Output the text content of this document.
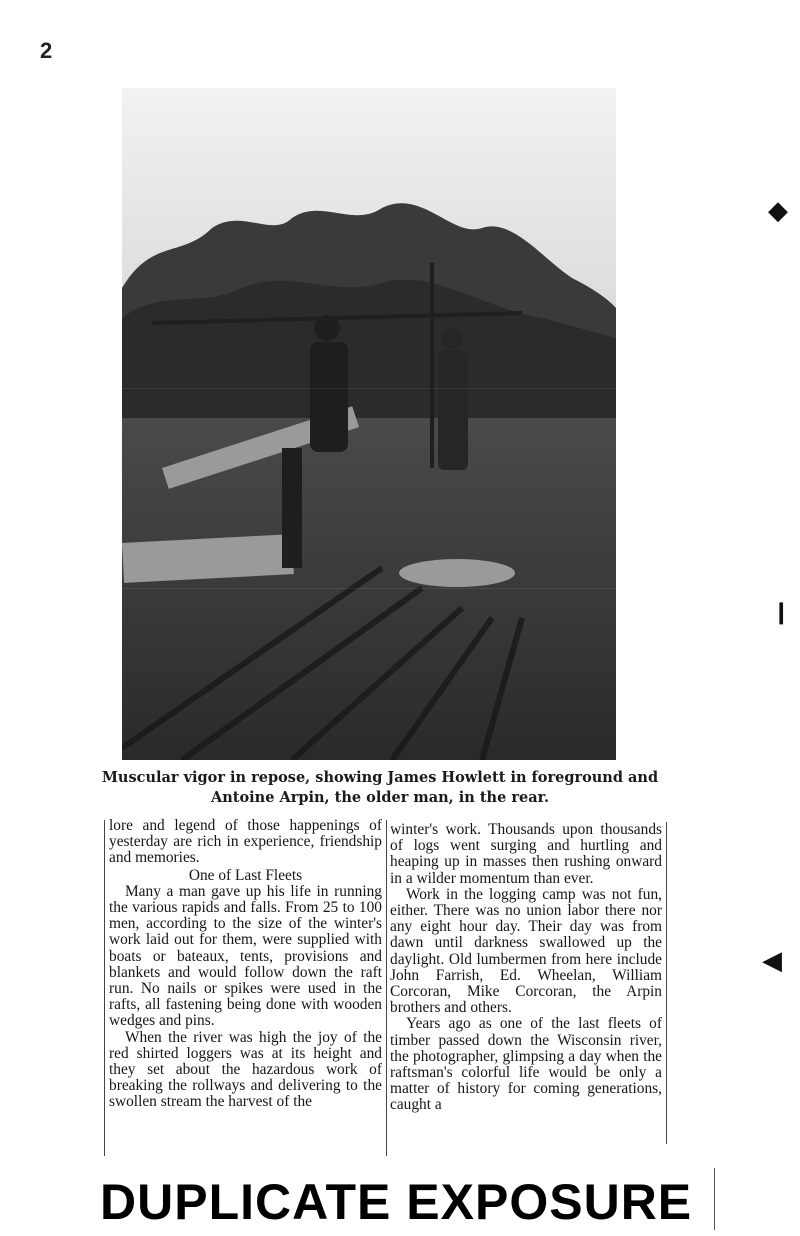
2
◆
❙
◀
Muscular vigor in repose, showing James Howlett in foreground and
Antoine Arpin, the older man, in the rear.

lore and legend of those happenings of yesterday are rich in experience, friendship and memories.

One of Last Fleets

Many a man gave up his life in running the various rapids and falls. From 25 to 100 men, according to the size of the winter's work laid out for them, were supplied with boats or bateaux, tents, provisions and blankets and would follow down the raft run. No nails or spikes were used in the rafts, all fastening being done with wooden wedges and pins.

When the river was high the joy of the red shirted loggers was at its height and they set about the hazardous work of breaking the rollways and delivering to the swollen stream the harvest of the

winter's work. Thousands upon thousands of logs went surging and hurtling and heaping up in masses then rushing onward in a wilder momentum than ever.

Work in the logging camp was not fun, either. There was no union labor there nor any eight hour day. Their day was from dawn until darkness swallowed up the daylight. Old lumbermen from here include John Farrish, Ed. Wheelan, William Corcoran, Mike Corcoran, the Arpin brothers and others.

Years ago as one of the last fleets of timber passed down the Wisconsin river, the photographer, glimpsing a day when the raftsman's colorful life would be only a matter of history for coming generations, caught a

DUPLICATE EXPOSURE
